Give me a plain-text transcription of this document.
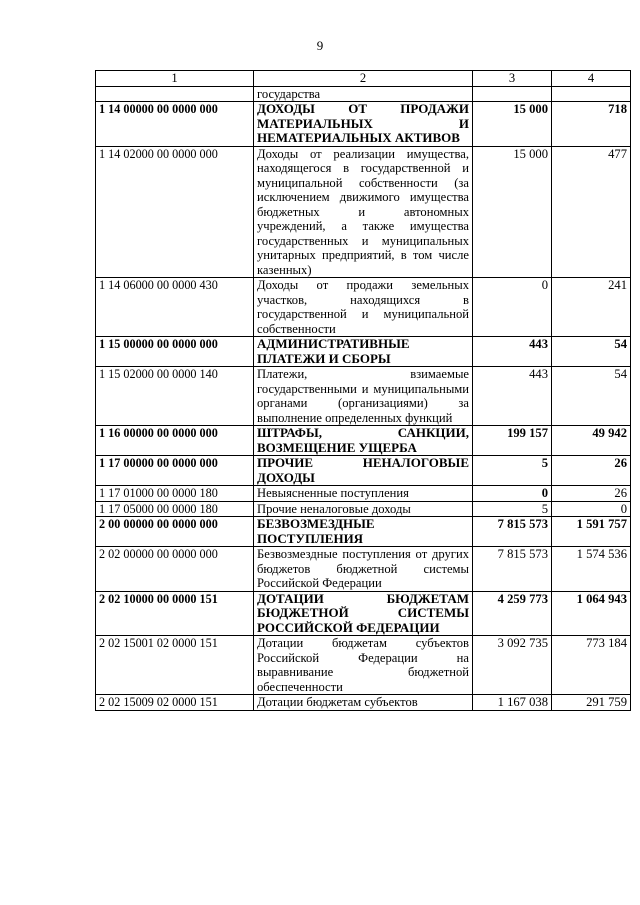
9
1	2	3	4
	государства		
1 14 00000 00 0000 000	ДОХОДЫ ОТ ПРОДАЖИ МАТЕРИАЛЬНЫХ И НЕМАТЕРИАЛЬНЫХ АКТИВОВ	15 000	718
1 14 02000 00 0000 000	Доходы от реализации имущества, находящегося в государственной и муниципальной собственности (за исключением движимого имущества бюджетных и автономных учреждений, а также имущества государственных и муниципальных унитарных предприятий, в том числе казенных)	15 000	477
1 14 06000 00 0000 430	Доходы от продажи земельных участков, находящихся в государственной и муниципальной собственности	0	241
1 15 00000 00 0000 000	АДМИНИСТРАТИВНЫЕ ПЛАТЕЖИ И СБОРЫ	443	54
1 15 02000 00 0000 140	Платежи, взимаемые государственными и муниципальными органами (организациями) за выполнение определенных функций	443	54
1 16 00000 00 0000 000	ШТРАФЫ, САНКЦИИ, ВОЗМЕЩЕНИЕ УЩЕРБА	199 157	49 942
1 17 00000 00 0000 000	ПРОЧИЕ НЕНАЛОГОВЫЕ ДОХОДЫ	5	26
1 17 01000 00 0000 180	Невыясненные поступления	0	26
1 17 05000 00 0000 180	Прочие неналоговые доходы	5	0
2 00 00000 00 0000 000	БЕЗВОЗМЕЗДНЫЕ ПОСТУПЛЕНИЯ	7 815 573	1 591 757
2 02 00000 00 0000 000	Безвозмездные поступления от других бюджетов бюджетной системы Российской Федерации	7 815 573	1 574 536
2 02 10000 00 0000 151	ДОТАЦИИ БЮДЖЕТАМ БЮДЖЕТНОЙ СИСТЕМЫ РОССИЙСКОЙ ФЕДЕРАЦИИ	4 259 773	1 064 943
2 02 15001 02 0000 151	Дотации бюджетам субъектов Российской Федерации на выравнивание бюджетной обеспеченности	3 092 735	773 184
2 02 15009 02 0000 151	Дотации бюджетам субъектов	1 167 038	291 759
